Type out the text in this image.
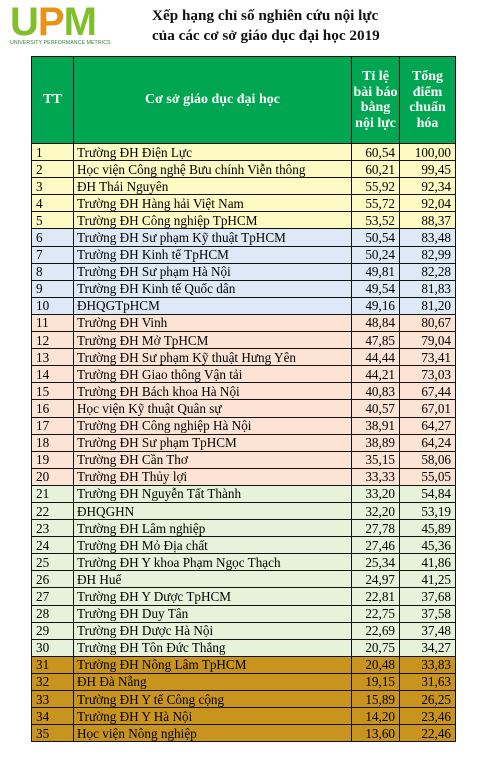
UPM
UNIVERSITY PERFORMANCE METRICS
Xếp hạng chỉ số nghiên cứu nội lực
của các cơ sở giáo dục đại học 2019
TT	Cơ sở giáo dục đại học	Tỉ lệ bài báo bằng nội lực	Tổng điểm chuẩn hóa
1	Trường ĐH Điện Lực	60,54	100,00
2	Học viện Công nghệ Bưu chính Viễn thông	60,21	99,45
3	ĐH Thái Nguyên	55,92	92,34
4	Trường ĐH Hàng hải Việt Nam	55,72	92,04
5	Trường ĐH Công nghiệp TpHCM	53,52	88,37
6	Trường ĐH Sư phạm Kỹ thuật TpHCM	50,54	83,48
7	Trường ĐH Kinh tế TpHCM	50,24	82,99
8	Trường ĐH Sư phạm Hà Nội	49,81	82,28
9	Trường ĐH Kinh tế Quốc dân	49,54	81,83
10	ĐHQGTpHCM	49,16	81,20
11	Trường ĐH Vinh	48,84	80,67
12	Trường ĐH Mở TpHCM	47,85	79,04
13	Trường ĐH Sư phạm Kỹ thuật Hưng Yên	44,44	73,41
14	Trường ĐH Giao thông Vận tải	44,21	73,03
15	Trường ĐH Bách khoa Hà Nội	40,83	67,44
16	Học viện Kỹ thuật Quân sự	40,57	67,01
17	Trường ĐH Công nghiệp Hà Nội	38,91	64,27
18	Trường ĐH Sư phạm TpHCM	38,89	64,24
19	Trường ĐH Cần Thơ	35,15	58,06
20	Trường ĐH Thủy lợi	33,33	55,05
21	Trường ĐH Nguyễn Tất Thành	33,20	54,84
22	ĐHQGHN	32,20	53,19
23	Trường ĐH Lâm nghiệp	27,78	45,89
24	Trường ĐH Mỏ Địa chất	27,46	45,36
25	Trường ĐH Y khoa Phạm Ngọc Thạch	25,34	41,86
26	ĐH Huế	24,97	41,25
27	Trường ĐH Y Dược TpHCM	22,81	37,68
28	Trường ĐH Duy Tân	22,75	37,58
29	Trường ĐH Dược Hà Nội	22,69	37,48
30	Trường ĐH Tôn Đức Thắng	20,75	34,27
31	Trường ĐH Nông Lâm TpHCM	20,48	33,83
32	ĐH Đà Nẵng	19,15	31,63
33	Trường ĐH Y tế Công cộng	15,89	26,25
34	Trường ĐH Y Hà Nội	14,20	23,46
35	Học viện Nông nghiệp	13,60	22,46
